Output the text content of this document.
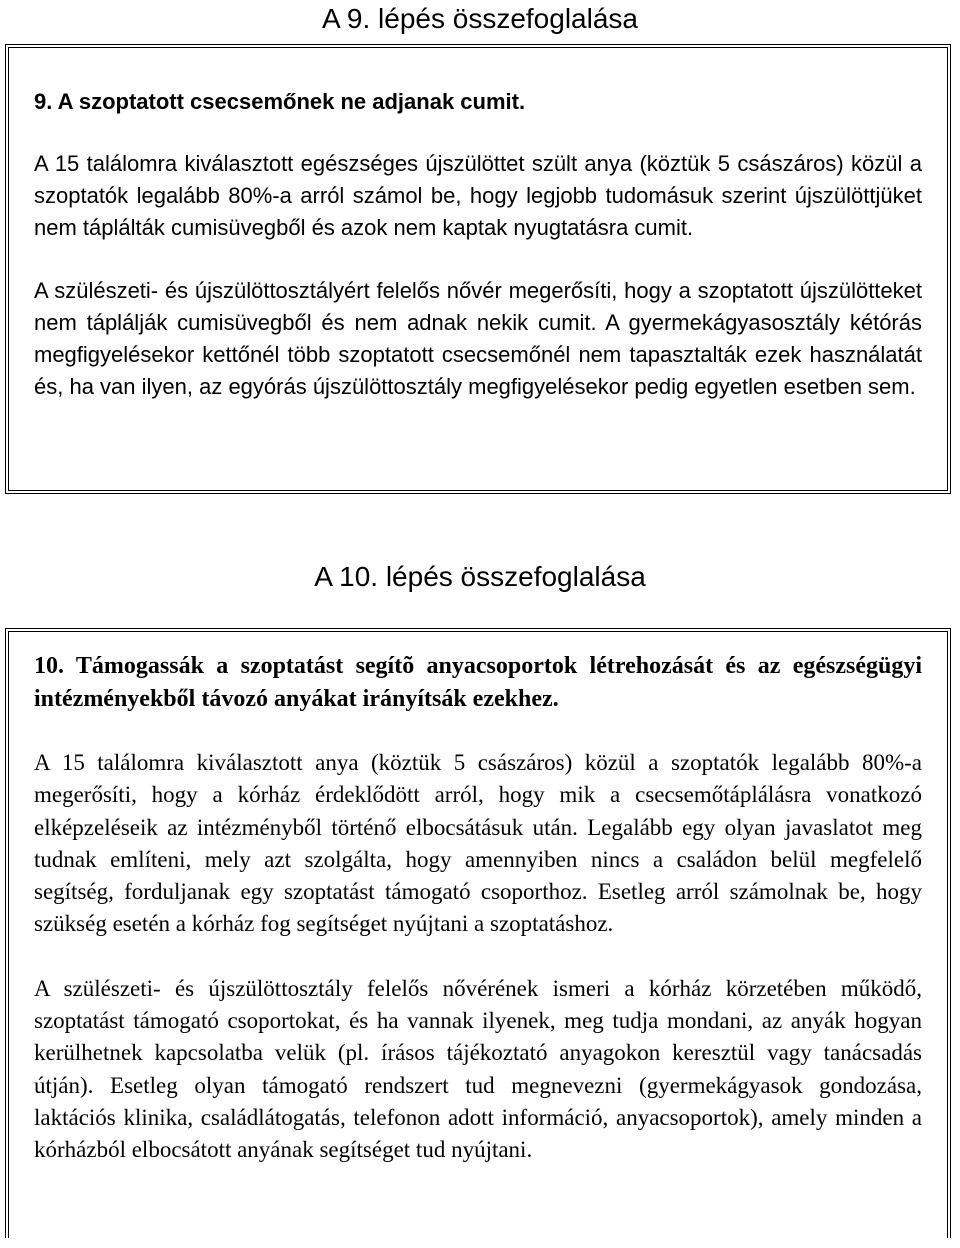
A 9. lépés összefoglalása

9. A szoptatott csecsemőnek ne adjanak cumit.

A 15 találomra kiválasztott egészséges újszülöttet szült anya (köztük 5 császáros) közül a szoptatók legalább 80%-a arról számol be, hogy legjobb tudomásuk szerint újszülöttjüket nem táplálták cumisüvegből és azok nem kaptak nyugtatásra cumit.

A szülészeti- és újszülöttosztályért felelős nővér megerősíti, hogy a szoptatott újszülötteket nem táplálják cumisüvegből és nem adnak nekik cumit. A gyermekágyasosztály kétórás megfigyelésekor kettőnél több szoptatott csecsemőnél nem tapasztalták ezek használatát és, ha van ilyen, az egyórás újszülöttosztály megfigyelésekor pedig egyetlen esetben sem.

A 10. lépés összefoglalása

10. Támogassák a szoptatást segítõ anyacsoportok létrehozását és az egészségügyi intézményekből távozó anyákat irányítsák ezekhez.

A 15 találomra kiválasztott anya (köztük 5 császáros) közül a szoptatók legalább 80%-a megerősíti, hogy a kórház érdeklődött arról, hogy mik a csecsemőtáplálásra vonatkozó elképzeléseik az intézményből történő elbocsátásuk után. Legalább egy olyan javaslatot meg tudnak említeni, mely azt szolgálta, hogy amennyiben nincs a családon belül megfelelő segítség, forduljanak egy szoptatást támogató csoporthoz. Esetleg arról számolnak be, hogy szükség esetén a kórház fog segítséget nyújtani a szoptatáshoz.

A szülészeti- és újszülöttosztály felelős nővérének ismeri a kórház körzetében működő, szoptatást támogató csoportokat, és ha vannak ilyenek, meg tudja mondani, az anyák hogyan kerülhetnek kapcsolatba velük (pl. írásos tájékoztató anyagokon keresztül vagy tanácsadás útján). Esetleg olyan támogató rendszert tud megnevezni (gyermekágyasok gondozása, laktációs klinika, családlátogatás, telefonon adott információ, anyacsoportok), amely minden a kórházból elbocsátott anyának segítséget tud nyújtani.
